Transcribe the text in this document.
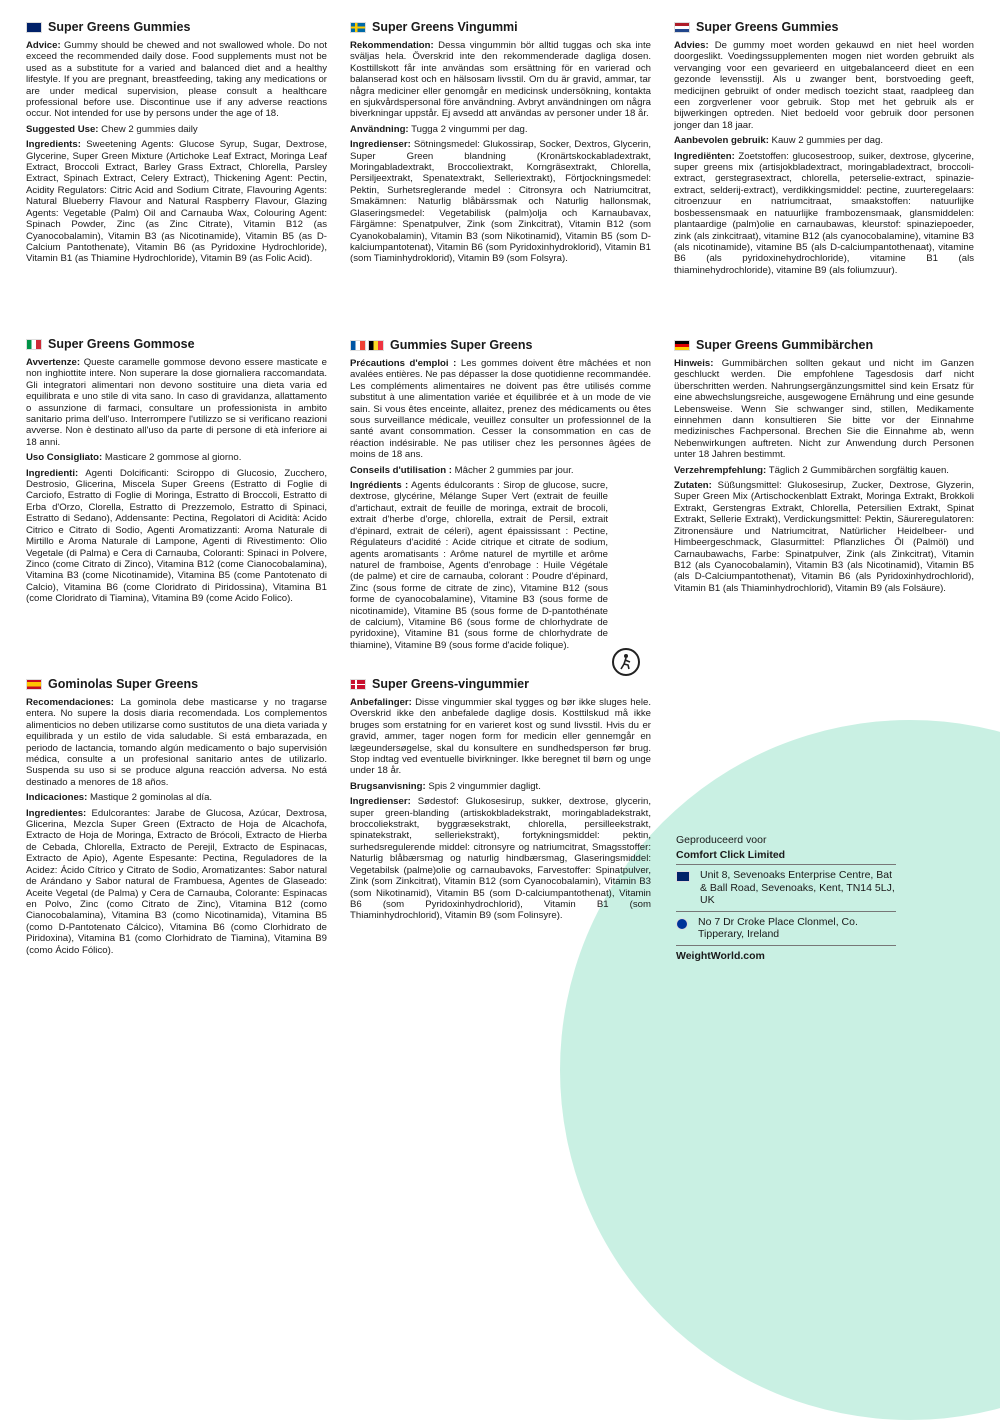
Super Greens Gummies

Advice: Gummy should be chewed and not swallowed whole. Do not exceed the recommended daily dose. Food supplements must not be used as a substitute for a varied and balanced diet and a healthy lifestyle. If you are pregnant, breastfeeding, taking any medications or are under medical supervision, please consult a healthcare professional before use. Discontinue use if any adverse reactions occur. Not intended for use by persons under the age of 18.

Suggested Use: Chew 2 gummies daily

Ingredients: Sweetening Agents: Glucose Syrup, Sugar, Dextrose, Glycerine, Super Green Mixture (Artichoke Leaf Extract, Moringa Leaf Extract, Broccoli Extract, Barley Grass Extract, Chlorella, Parsley Extract, Spinach Extract, Celery Extract), Thickening Agent: Pectin, Acidity Regulators: Citric Acid and Sodium Citrate, Flavouring Agents: Natural Blueberry Flavour and Natural Raspberry Flavour, Glazing Agents: Vegetable (Palm) Oil and Carnauba Wax, Colouring Agent: Spinach Powder, Zinc (as Zinc Citrate), Vitamin B12 (as Cyanocobalamin), Vitamin B3 (as Nicotinamide), Vitamin B5 (as D-Calcium Pantothenate), Vitamin B6 (as Pyridoxine Hydrochloride), Vitamin B1 (as Thiamine Hydrochloride), Vitamin B9 (as Folic Acid).

Super Greens Vingummi

Rekommendation: Dessa vingummin bör alltid tuggas och ska inte sväljas hela. Överskrid inte den rekommenderade dagliga dosen. Kosttillskott får inte användas som ersättning för en varierad och balanserad kost och en hälsosam livsstil. Om du är gravid, ammar, tar några mediciner eller genomgår en medicinsk undersökning, kontakta en sjukvårdspersonal före användning. Avbryt användningen om några biverkningar uppstår. Ej avsedd att användas av personer under 18 år.

Användning: Tugga 2 vingummi per dag.

Ingredienser: Sötningsmedel: Glukossirap, Socker, Dextros, Glycerin, Super Green blandning (Kronärtskockabladextrakt, Moringabladextrakt, Broccoliextrakt, Korngräsextrakt, Chlorella, Persiljeextrakt, Spenatextrakt, Selleriextrakt), Förtjockningsmedel: Pektin, Surhetsreglerande medel : Citronsyra och Natriumcitrat, Smakämnen: Naturlig blåbärssmak och Naturlig hallonsmak, Glaseringsmedel: Vegetabilisk (palm)olja och Karnaubavax, Färgämne: Spenatpulver, Zink (som Zinkcitrat), Vitamin B12 (som Cyanokobalamin), Vitamin B3 (som Nikotinamid), Vitamin B5 (som D-kalciumpantotenat), Vitamin B6 (som Pyridoxinhydroklorid), Vitamin B1 (som Tiaminhydroklorid), Vitamin B9 (som Folsyra).

Super Greens Gummies

Advies: De gummy moet worden gekauwd en niet heel worden doorgeslikt. Voedingssupplementen mogen niet worden gebruikt als vervanging voor een gevarieerd en uitgebalanceerd dieet en een gezonde levensstijl. Als u zwanger bent, borstvoeding geeft, medicijnen gebruikt of onder medisch toezicht staat, raadpleeg dan een zorgverlener voor gebruik. Stop met het gebruik als er bijwerkingen optreden. Niet bedoeld voor gebruik door personen jonger dan 18 jaar.

Aanbevolen gebruik: Kauw 2 gummies per dag.

Ingrediënten: Zoetstoffen: glucosestroop, suiker, dextrose, glycerine, super greens mix (artisjokbladextract, moringabladextract, broccoli-extract, gerstegrasextract, chlorella, peterselie-extract, spinazie-extract, selderij-extract), verdikkingsmiddel: pectine, zuurteregelaars: citroenzuur en natriumcitraat, smaakstoffen: natuurlijke bosbessensmaak en natuurlijke frambozensmaak, glansmiddelen: plantaardige (palm)olie en carnaubawas, kleurstof: spinaziepoeder, zink (als zinkcitraat), vitamine B12 (als cyanocobalamine), vitamine B3 (als nicotinamide), vitamine B5 (als D-calciumpantothenaat), vitamine B6 (als pyridoxinehydrochloride), vitamine B1 (als thiaminehydrochloride), vitamine B9 (als foliumzuur).

Super Greens Gommose

Avvertenze: Queste caramelle gommose devono essere masticate e non inghiottite intere. Non superare la dose giornaliera raccomandata. Gli integratori alimentari non devono sostituire una dieta varia ed equilibrata e uno stile di vita sano. In caso di gravidanza, allattamento o assunzione di farmaci, consultare un professionista in ambito sanitario prima dell'uso. Interrompere l'utilizzo se si verificano reazioni avverse. Non è destinato all'uso da parte di persone di età inferiore ai 18 anni.

Uso Consigliato: Masticare 2 gommose al giorno.

Ingredienti: Agenti Dolcificanti: Sciroppo di Glucosio, Zucchero, Destrosio, Glicerina, Miscela Super Greens (Estratto di Foglie di Carciofo, Estratto di Foglie di Moringa, Estratto di Broccoli, Estratto di Erba d'Orzo, Clorella, Estratto di Prezzemolo, Estratto di Spinaci, Estratto di Sedano), Addensante: Pectina, Regolatori di Acidità: Acido Citrico e Citrato di Sodio, Agenti Aromatizzanti: Aroma Naturale di Mirtillo e Aroma Naturale di Lampone, Agenti di Rivestimento: Olio Vegetale (di Palma) e Cera di Carnauba, Coloranti: Spinaci in Polvere, Zinco (come Citrato di Zinco), Vitamina B12 (come Cianocobalamina), Vitamina B3 (come Nicotinamide), Vitamina B5 (come Pantotenato di Calcio), Vitamina B6 (come Cloridrato di Piridossina), Vitamina B1 (come Cloridrato di Tiamina), Vitamina B9 (come Acido Folico).

Gummies Super Greens

Précautions d'emploi : Les gommes doivent être mâchées et non avalées entières. Ne pas dépasser la dose quotidienne recommandée. Les compléments alimentaires ne doivent pas être utilisés comme substitut à une alimentation variée et équilibrée et à un mode de vie sain. Si vous êtes enceinte, allaitez, prenez des médicaments ou êtes sous surveillance médicale, veuillez consulter un professionnel de la santé avant consommation. Cesser la consommation en cas de réaction indésirable. Ne pas utiliser chez les personnes âgées de moins de 18 ans.

Conseils d'utilisation : Mâcher 2 gummies par jour.

Ingrédients : Agents édulcorants : Sirop de glucose, sucre, dextrose, glycérine, Mélange Super Vert (extrait de feuille d'artichaut, extrait de feuille de moringa, extrait de brocoli, extrait d'herbe d'orge, chlorella, extrait de Persil, extrait d'épinard, extrait de céleri), agent épaississant : Pectine, Régulateurs d'acidité : Acide citrique et citrate de sodium, agents aromatisants : Arôme naturel de myrtille et arôme naturel de framboise, Agents d'enrobage : Huile Végétale (de palme) et cire de carnauba, colorant : Poudre d'épinard, Zinc (sous forme de citrate de zinc), Vitamine B12 (sous forme de cyanocobalamine), Vitamine B3 (sous forme de nicotinamide), Vitamine B5 (sous forme de D-pantothénate de calcium), Vitamine B6 (sous forme de chlorhydrate de pyridoxine), Vitamine B1 (sous forme de chlorhydrate de thiamine), Vitamine B9 (sous forme d'acide folique).

Super Greens Gummibärchen

Hinweis: Gummibärchen sollten gekaut und nicht im Ganzen geschluckt werden. Die empfohlene Tagesdosis darf nicht überschritten werden. Nahrungsergänzungsmittel sind kein Ersatz für eine abwechslungsreiche, ausgewogene Ernährung und eine gesunde Lebensweise. Wenn Sie schwanger sind, stillen, Medikamente einnehmen dann konsultieren Sie bitte vor der Einnahme medizinisches Fachpersonal. Brechen Sie die Einnahme ab, wenn Nebenwirkungen auftreten. Nicht zur Anwendung durch Personen unter 18 Jahren bestimmt.

Verzehrempfehlung: Täglich 2 Gummibärchen sorgfältig kauen.

Zutaten: Süßungsmittel: Glukosesirup, Zucker, Dextrose, Glyzerin, Super Green Mix (Artischockenblatt Extrakt, Moringa Extrakt, Brokkoli Extrakt, Gerstengras Extrakt, Chlorella, Petersilien Extrakt, Spinat Extrakt, Sellerie Extrakt), Verdickungsmittel: Pektin, Säureregulatoren: Zitronensäure und Natriumcitrat, Natürlicher Heidelbeer- und Himbeergeschmack, Glasurmittel: Pflanzliches Öl (Palmöl) und Carnaubawachs, Farbe: Spinatpulver, Zink (als Zinkcitrat), Vitamin B12 (als Cyanocobalamin), Vitamin B3 (als Nicotinamid), Vitamin B5 (als D-Calciumpantothenat), Vitamin B6 (als Pyridoxinhydrochlorid), Vitamin B1 (als Thiaminhydrochlorid), Vitamin B9 (als Folsäure).

Gominolas Super Greens

Recomendaciones: La gominola debe masticarse y no tragarse entera. No supere la dosis diaria recomendada. Los complementos alimenticios no deben utilizarse como sustitutos de una dieta variada y equilibrada y un estilo de vida saludable. Si está embarazada, en periodo de lactancia, tomando algún medicamento o bajo supervisión médica, consulte a un profesional sanitario antes de utilizarlo. Suspenda su uso si se produce alguna reacción adversa. No está destinado a menores de 18 años.

Indicaciones: Mastique 2 gominolas al día.

Ingredientes: Edulcorantes: Jarabe de Glucosa, Azúcar, Dextrosa, Glicerina, Mezcla Super Green (Extracto de Hoja de Alcachofa, Extracto de Hoja de Moringa, Extracto de Brócoli, Extracto de Hierba de Cebada, Chlorella, Extracto de Perejil, Extracto de Espinacas, Extracto de Apio), Agente Espesante: Pectina, Reguladores de la Acidez: Ácido Cítrico y Citrato de Sodio, Aromatizantes: Sabor natural de Arándano y Sabor natural de Frambuesa, Agentes de Glaseado: Aceite Vegetal (de Palma) y Cera de Carnauba, Colorante: Espinacas en Polvo, Zinc (como Citrato de Zinc), Vitamina B12 (como Cianocobalamina), Vitamina B3 (como Nicotinamida), Vitamina B5 (como D-Pantotenato Cálcico), Vitamina B6 (como Clorhidrato de Piridoxina), Vitamina B1 (como Clorhidrato de Tiamina), Vitamina B9 (como Ácido Fólico).

Super Greens-vingummier

Anbefalinger: Disse vingummier skal tygges og bør ikke sluges hele. Overskrid ikke den anbefalede daglige dosis. Kosttilskud må ikke bruges som erstatning for en varieret kost og sund livsstil. Hvis du er gravid, ammer, tager nogen form for medicin eller gennemgår en lægeundersøgelse, skal du konsultere en sundhedsperson før brug. Stop indtag ved eventuelle bivirkninger. Ikke beregnet til børn og unge under 18 år.

Brugsanvisning: Spis 2 vingummier dagligt.

Ingredienser: Sødestof: Glukosesirup, sukker, dextrose, glycerin, super green-blanding (artiskokbladekstrakt, moringabladekstrakt, broccoliekstrakt, byggræsekstrakt, chlorella, persilleekstrakt, spinatekstrakt, selleriekstrakt), fortykningsmiddel: pektin, surhedsregulerende middel: citronsyre og natriumcitrat, Smagsstoffer: Naturlig blåbærsmag og naturlig hindbærsmag, Glaseringsmiddel: Vegetabilsk (palme)olie og carnaubavoks, Farvestoffer: Spinatpulver, Zink (som Zinkcitrat), Vitamin B12 (som Cyanocobalamin), Vitamin B3 (som Nikotinamid), Vitamin B5 (som D-calciumpantothenat), Vitamin B6 (som Pyridoxinhydrochlorid), Vitamin B1 (som Thiaminhydrochlorid), Vitamin B9 (som Folinsyre).

Geproduceerd voor
Comfort Click Limited
Unit 8, Sevenoaks Enterprise Centre, Bat & Ball Road, Sevenoaks, Kent, TN14 5LJ, UK
No 7 Dr Croke Place Clonmel, Co. Tipperary, Ireland
WeightWorld.com
